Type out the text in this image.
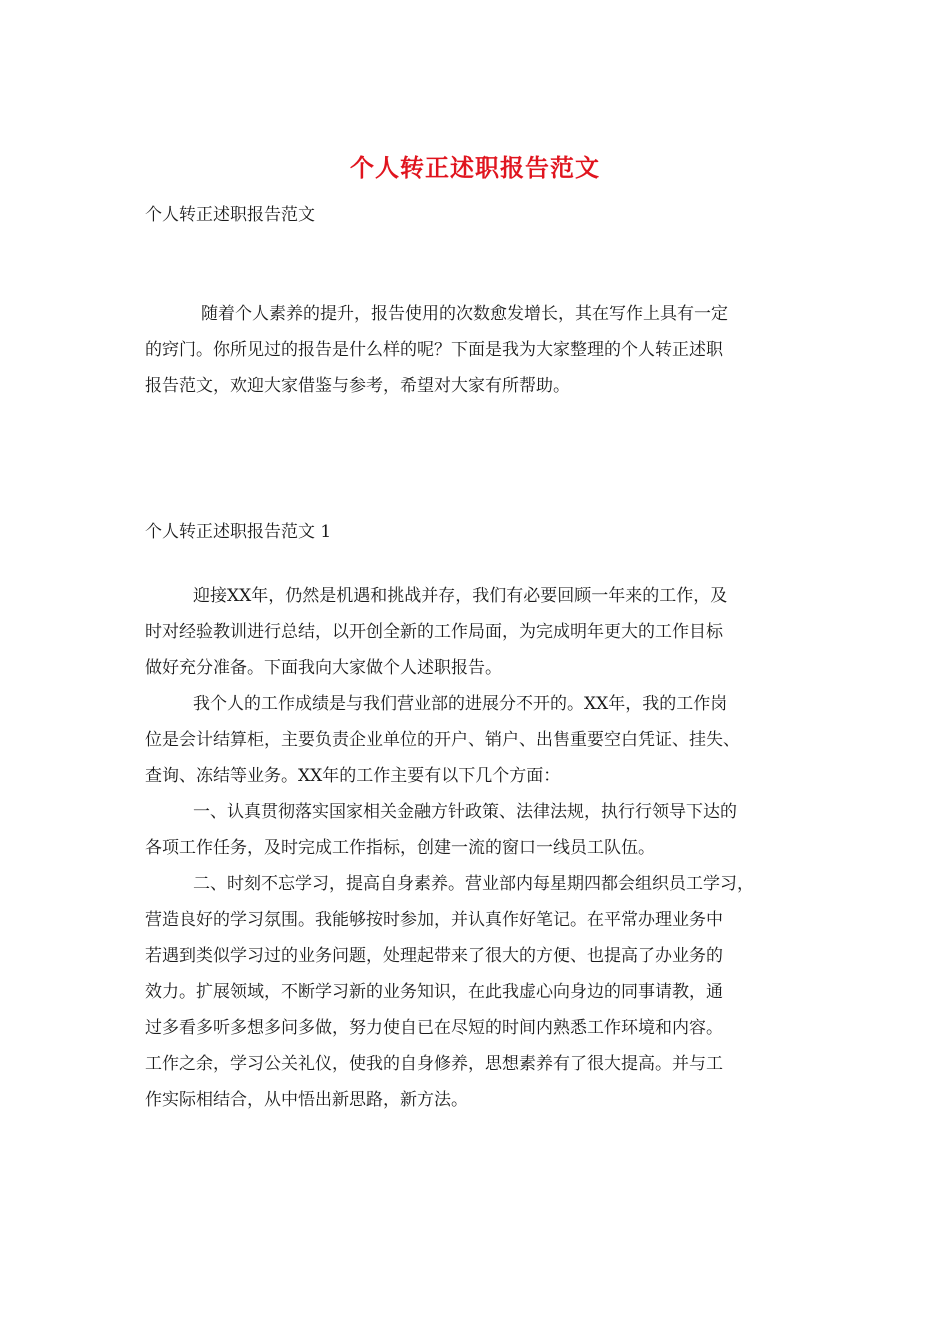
个人转正述职报告范文
个人转正述职报告范文
随着个人素养的提升，报告使用的次数愈发增长，其在写作上具有一定
的窍门。你所见过的报告是什么样的呢？下面是我为大家整理的个人转正述职
报告范文，欢迎大家借鉴与参考，希望对大家有所帮助。
个人转正述职报告范文 1
迎接XX年，仍然是机遇和挑战并存，我们有必要回顾一年来的工作，及
时对经验教训进行总结，以开创全新的工作局面，为完成明年更大的工作目标
做好充分准备。下面我向大家做个人述职报告。
我个人的工作成绩是与我们营业部的进展分不开的。XX年，我的工作岗
位是会计结算柜，主要负责企业单位的开户、销户、出售重要空白凭证、挂失、
查询、冻结等业务。XX年的工作主要有以下几个方面：
一、认真贯彻落实国家相关金融方针政策、法律法规，执行行领导下达的
各项工作任务，及时完成工作指标，创建一流的窗口一线员工队伍。
二、时刻不忘学习，提高自身素养。营业部内每星期四都会组织员工学习，
营造良好的学习氛围。我能够按时参加，并认真作好笔记。在平常办理业务中
若遇到类似学习过的业务问题，处理起带来了很大的方便、也提高了办业务的
效力。扩展领域，不断学习新的业务知识，在此我虚心向身边的同事请教，通
过多看多听多想多问多做，努力使自已在尽短的时间内熟悉工作环境和内容。
工作之余，学习公关礼仪，使我的自身修养，思想素养有了很大提高。并与工
作实际相结合，从中悟出新思路，新方法。
